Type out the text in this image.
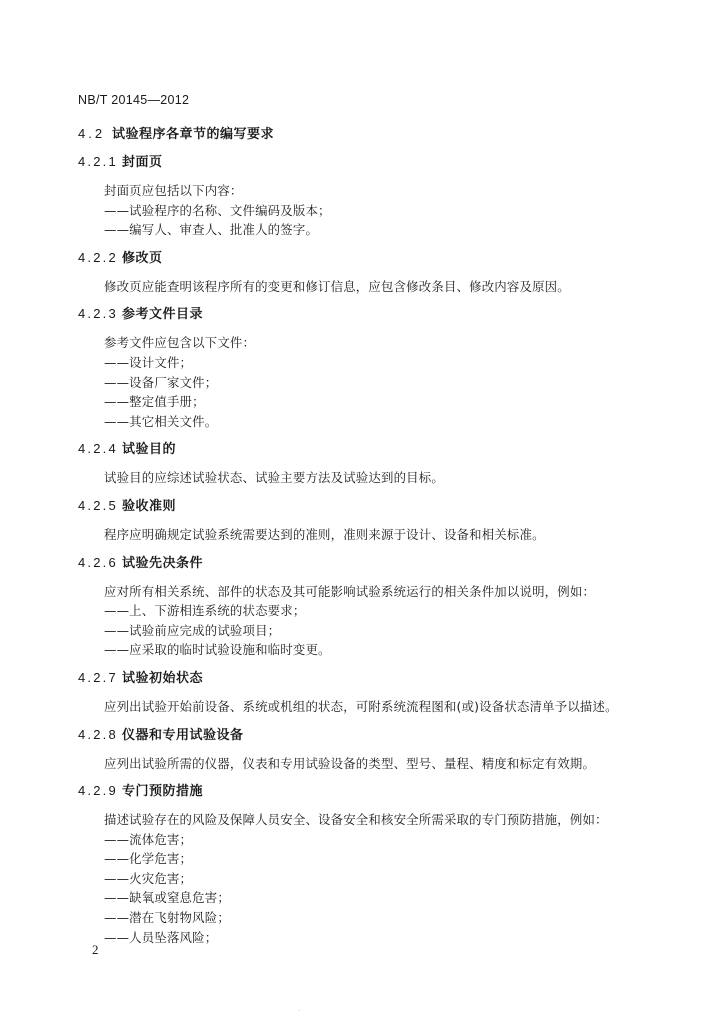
NB/T 20145—2012
4.2 试验程序各章节的编写要求
4.2.1 封面页
封面页应包括以下内容：
——试验程序的名称、文件编码及版本；
——编写人、审查人、批准人的签字。
4.2.2 修改页
修改页应能查明该程序所有的变更和修订信息，应包含修改条目、修改内容及原因。
4.2.3 参考文件目录
参考文件应包含以下文件：
——设计文件；
——设备厂家文件；
——整定值手册；
——其它相关文件。
4.2.4 试验目的
试验目的应综述试验状态、试验主要方法及试验达到的目标。
4.2.5 验收准则
程序应明确规定试验系统需要达到的准则，准则来源于设计、设备和相关标准。
4.2.6 试验先决条件
应对所有相关系统、部件的状态及其可能影响试验系统运行的相关条件加以说明，例如：
——上、下游相连系统的状态要求；
——试验前应完成的试验项目；
——应采取的临时试验设施和临时变更。
4.2.7 试验初始状态
应列出试验开始前设备、系统或机组的状态，可附系统流程图和(或)设备状态清单予以描述。
4.2.8 仪器和专用试验设备
应列出试验所需的仪器，仪表和专用试验设备的类型、型号、量程、精度和标定有效期。
4.2.9 专门预防措施
描述试验存在的风险及保障人员安全、设备安全和核安全所需采取的专门预防措施，例如：
——流体危害；
——化学危害；
——火灾危害；
——缺氧或窒息危害；
——潜在飞射物风险；
——人员坠落风险；
2
.
